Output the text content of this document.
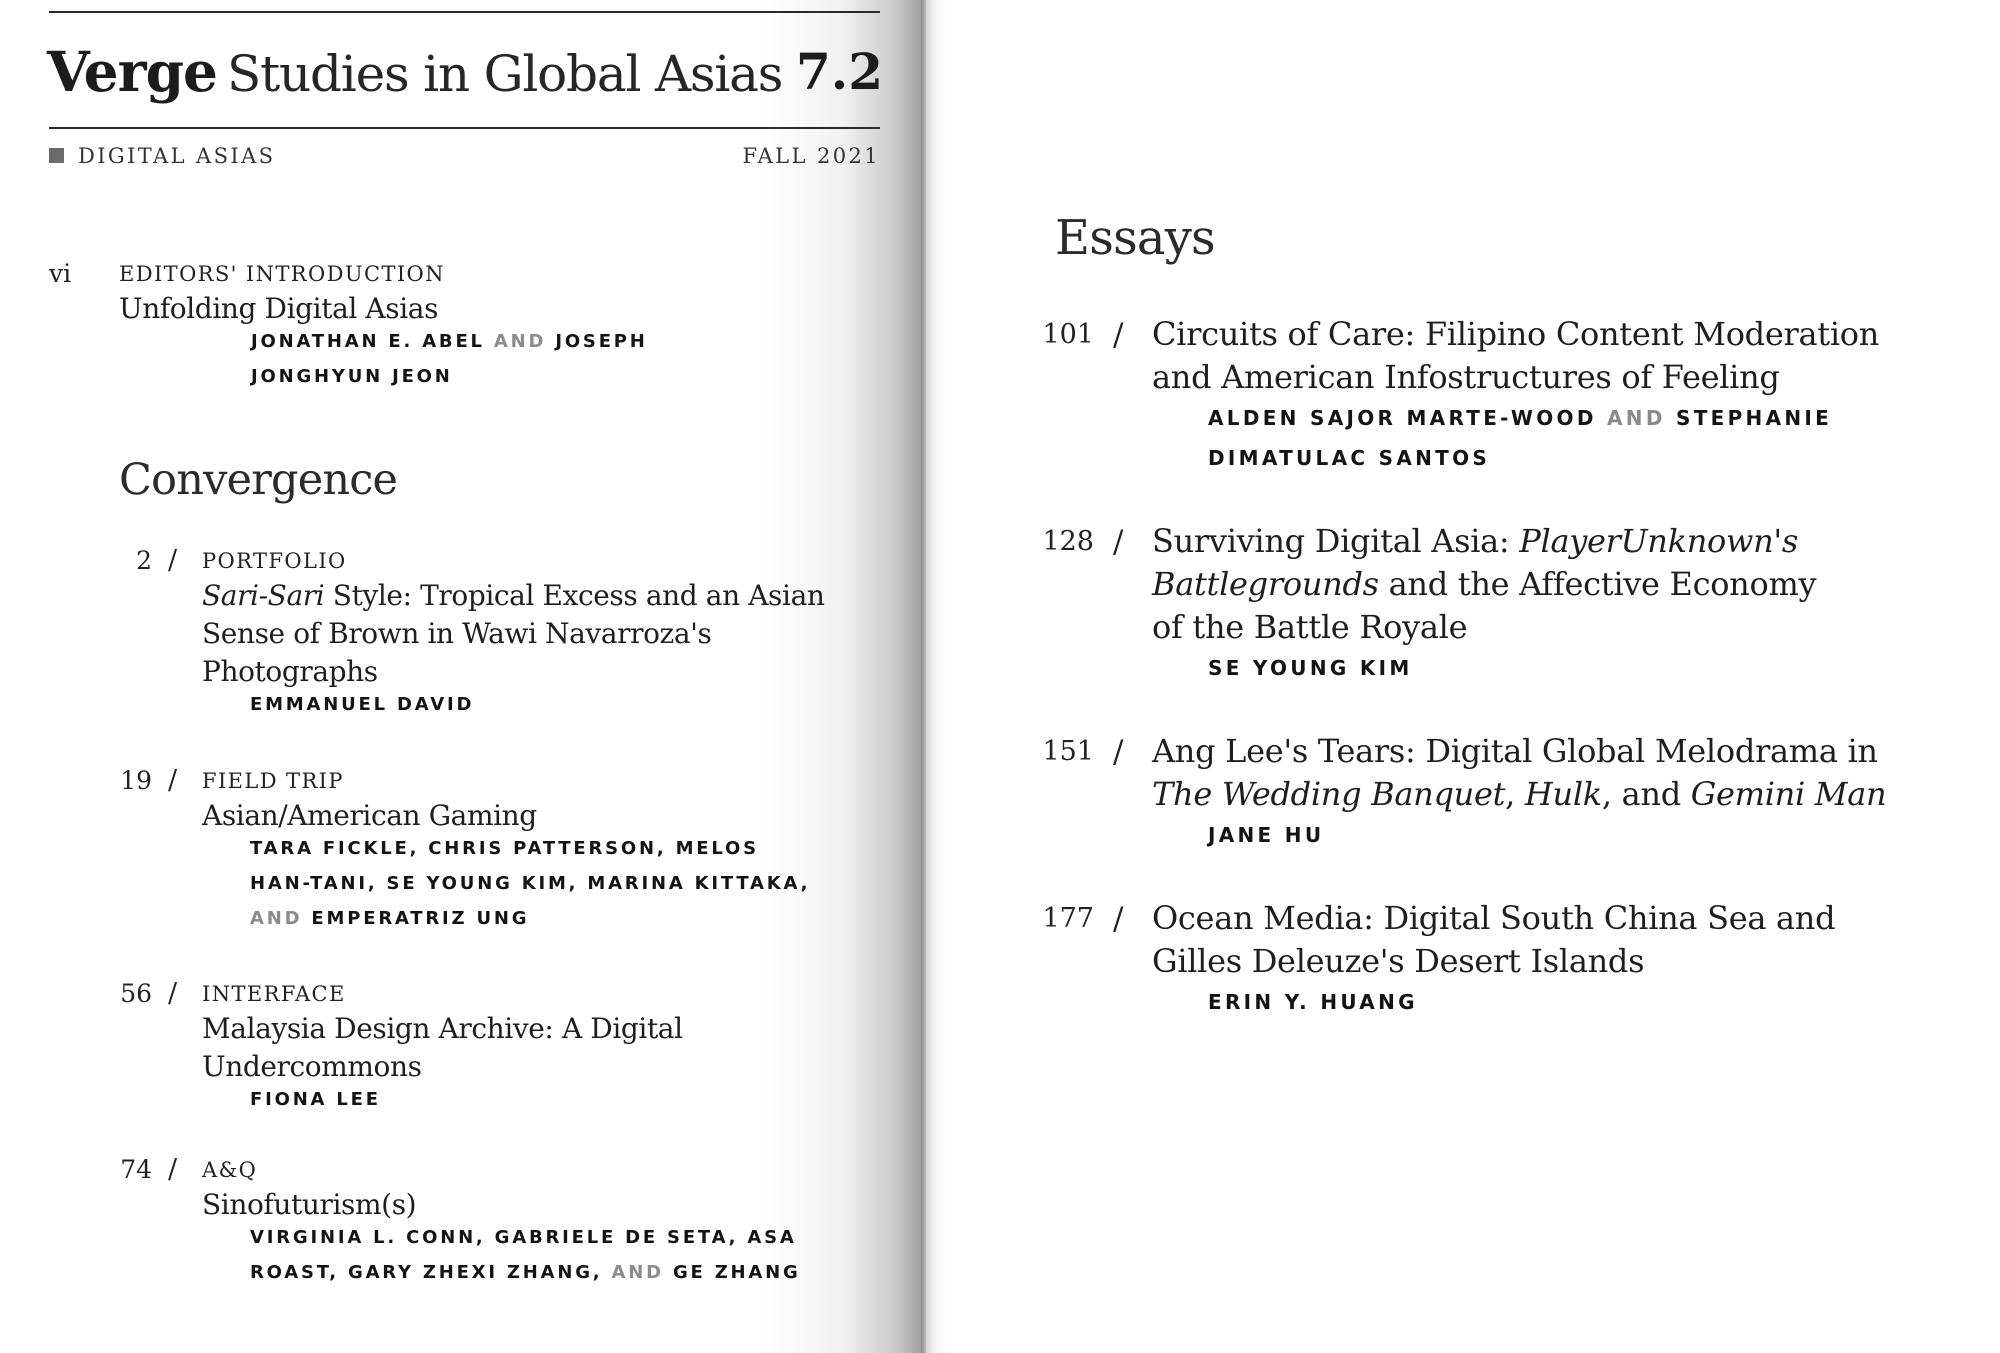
Verge Studies in Global Asias 7.2
DIGITAL ASIAS	FALL 2021
vi EDITORS' INTRODUCTION
Unfolding Digital Asias
JONATHAN E. ABEL AND JOSEPH
JONGHYUN JEON
Convergence
2 / PORTFOLIO
Sari-Sari Style: Tropical Excess and an Asian
Sense of Brown in Wawi Navarroza's
Photographs
EMMANUEL DAVID
19 / FIELD TRIP
Asian/American Gaming
TARA FICKLE, CHRIS PATTERSON, MELOS
HAN-TANI, SE YOUNG KIM, MARINA KITTAKA,
AND EMPERATRIZ UNG
56 / INTERFACE
Malaysia Design Archive: A Digital
Undercommons
FIONA LEE
74 / A&Q
Sinofuturism(s)
VIRGINIA L. CONN, GABRIELE DE SETA, ASA
ROAST, GARY ZHEXI ZHANG, AND GE ZHANG
Essays
101 / Circuits of Care: Filipino Content Moderation
and American Infostructures of Feeling
ALDEN SAJOR MARTE-WOOD AND STEPHANIE
DIMATULAC SANTOS
128 / Surviving Digital Asia: PlayerUnknown's
Battlegrounds and the Affective Economy
of the Battle Royale
SE YOUNG KIM
151 / Ang Lee's Tears: Digital Global Melodrama in
The Wedding Banquet, Hulk, and Gemini Man
JANE HU
177 / Ocean Media: Digital South China Sea and
Gilles Deleuze's Desert Islands
ERIN Y. HUANG
